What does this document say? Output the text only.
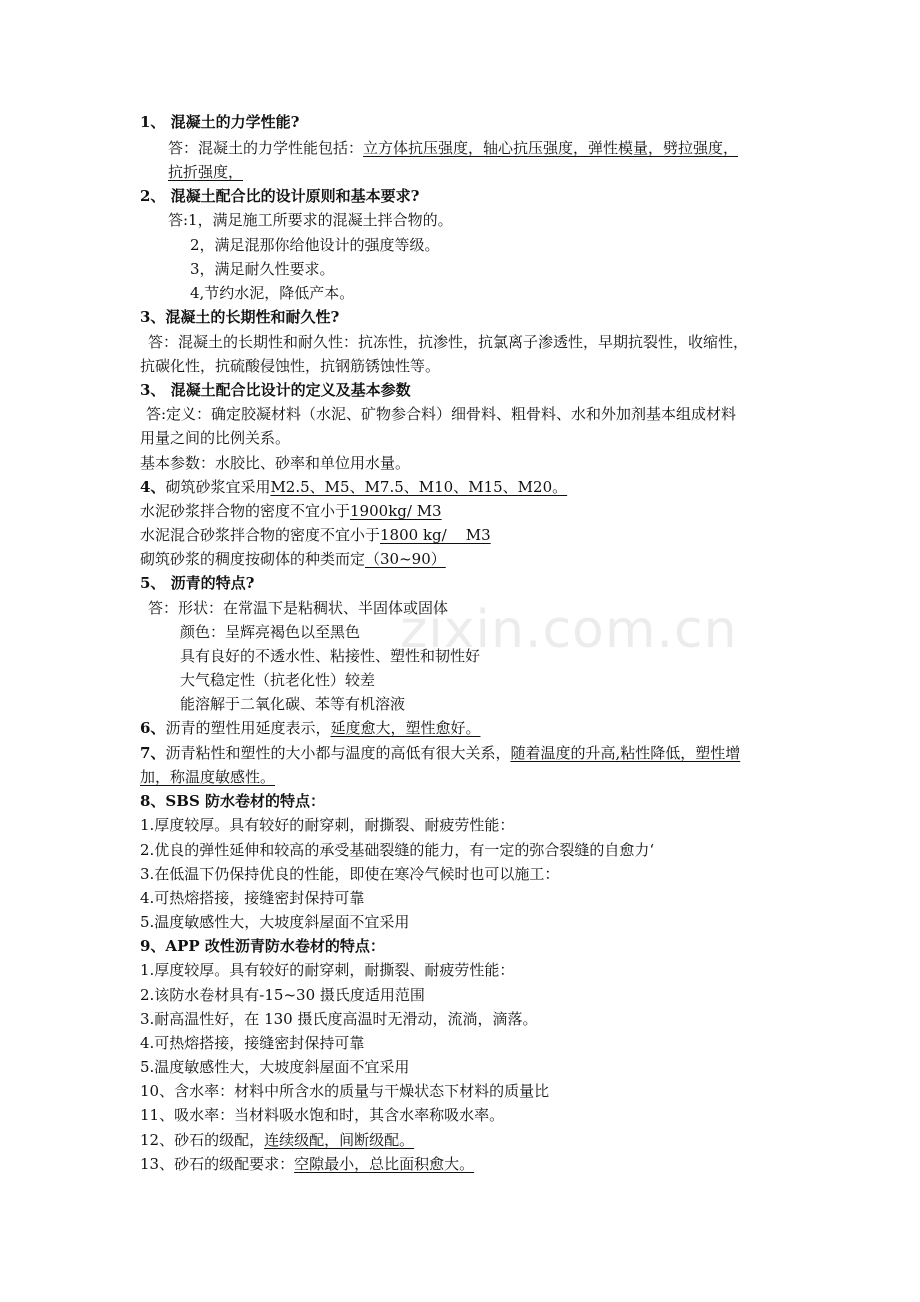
zixin.com.cn
1、 混凝土的力学性能?
答：混凝土的力学性能包括：立方体抗压强度，轴心抗压强度，弹性模量，劈拉强度，
抗折强度，
2、 混凝土配合比的设计原则和基本要求?
答:1，满足施工所要求的混凝土拌合物的。
2，满足混那你给他设计的强度等级。
3，满足耐久性要求。
4,节约水泥，降低产本。
3、混凝土的长期性和耐久性?
答：混凝土的长期性和耐久性：抗冻性，抗渗性，抗氯离子渗透性，早期抗裂性，收缩性，
抗碳化性，抗硫酸侵蚀性，抗钢筋锈蚀性等。
3、 混凝土配合比设计的定义及基本参数
答:定义：确定胶凝材料（水泥、矿物参合料）细骨料、粗骨料、水和外加剂基本组成材料
用量之间的比例关系。
基本参数：水胶比、砂率和单位用水量。
4、砌筑砂浆宜采用M2.5、M5、M7.5、M10、M15、M20。
水泥砂浆拌合物的密度不宜小于1900kg/ M3
水泥混合砂浆拌合物的密度不宜小于1800 kg/    M3
砌筑砂浆的稠度按砌体的种类而定（30~90）
5、 沥青的特点?
答：形状：在常温下是粘稠状、半固体或固体
颜色：呈辉亮褐色以至黑色
具有良好的不透水性、粘接性、塑性和韧性好
大气稳定性（抗老化性）较差
能溶解于二氧化碳、苯等有机溶液
6、沥青的塑性用延度表示，延度愈大，塑性愈好。
7、沥青粘性和塑性的大小都与温度的高低有很大关系，随着温度的升高,粘性降低，塑性增
加，称温度敏感性。
8、SBS 防水卷材的特点：
1.厚度较厚。具有较好的耐穿刺，耐撕裂、耐疲劳性能：
2.优良的弹性延伸和较高的承受基础裂缝的能力，有一定的弥合裂缝的自愈力‘
3.在低温下仍保持优良的性能，即使在寒冷气候时也可以施工：
4.可热熔搭接，接缝密封保持可靠
5.温度敏感性大，大坡度斜屋面不宜采用
9、APP 改性沥青防水卷材的特点：
1.厚度较厚。具有较好的耐穿刺，耐撕裂、耐疲劳性能：
2.该防水卷材具有-15~30 摄氏度适用范围
3.耐高温性好，在 130 摄氏度高温时无滑动，流淌，滴落。
4.可热熔搭接，接缝密封保持可靠
5.温度敏感性大，大坡度斜屋面不宜采用
10、含水率：材料中所含水的质量与干燥状态下材料的质量比
11、吸水率：当材料吸水饱和时，其含水率称吸水率。
12、砂石的级配，连续级配，间断级配。
13、砂石的级配要求：空隙最小，总比面积愈大。
